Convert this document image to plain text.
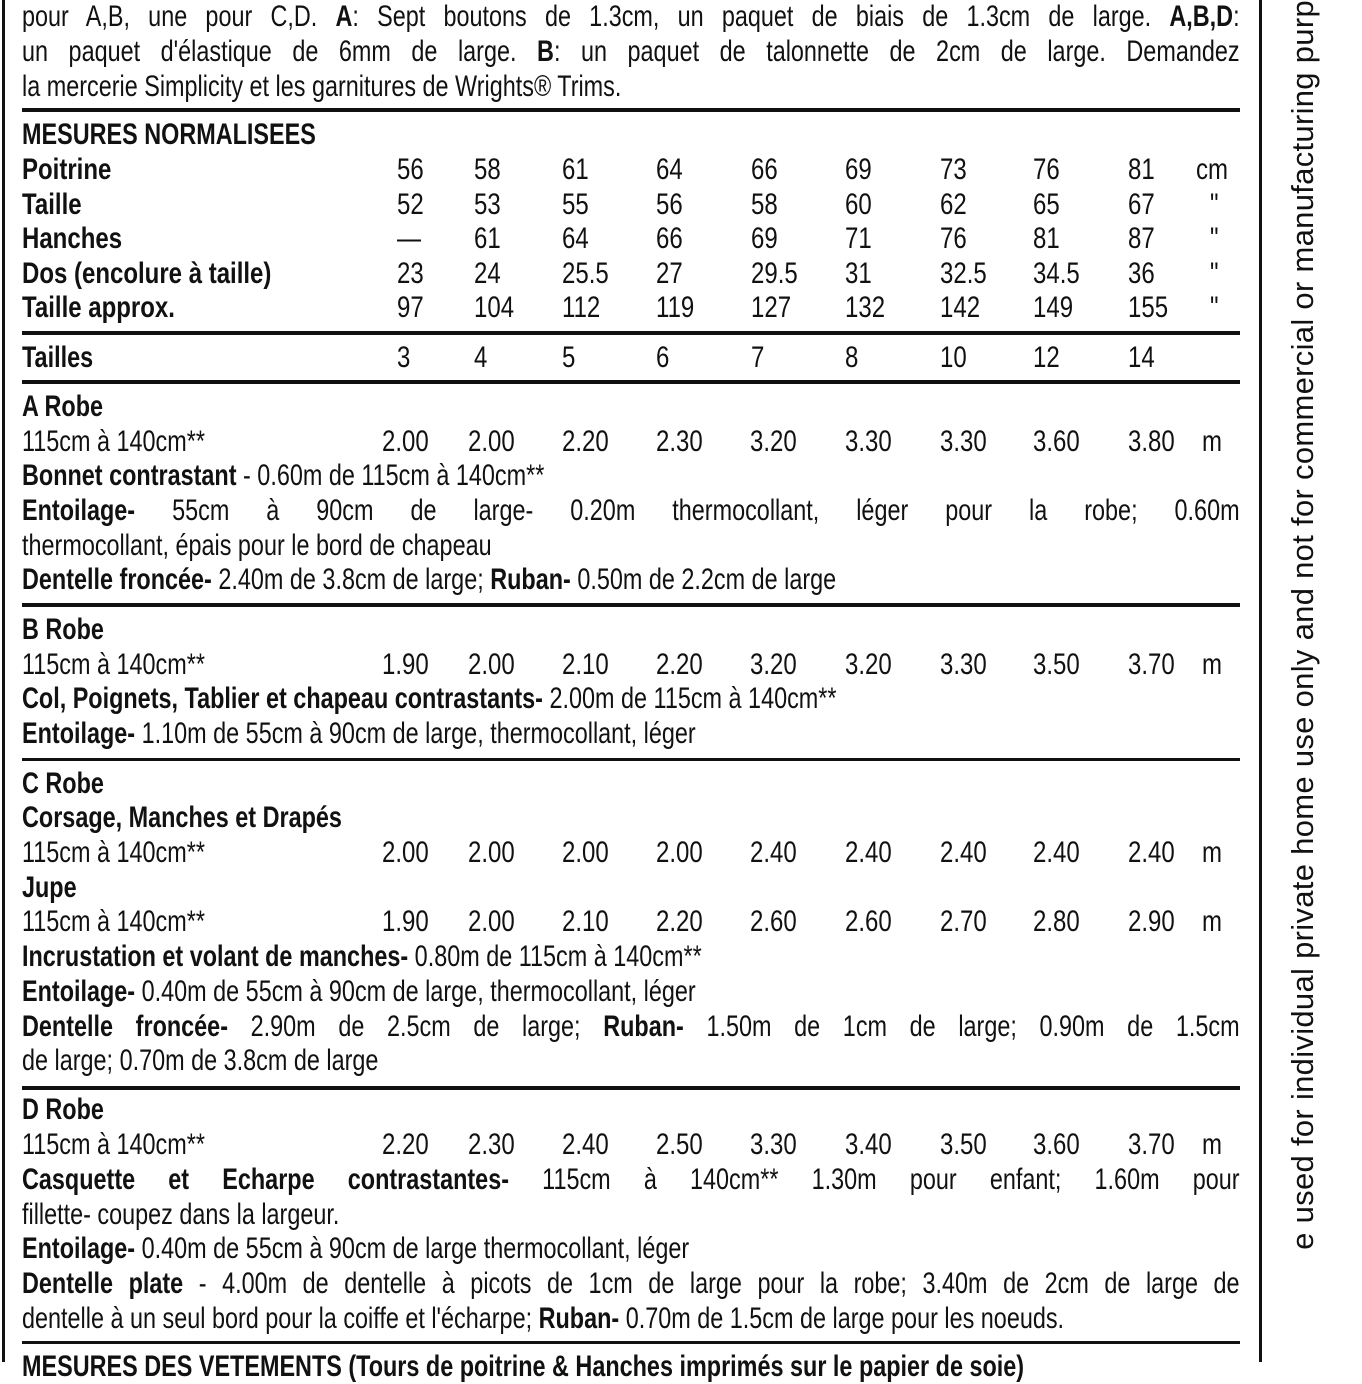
pour A,B, une pour C,D. A: Sept boutons de 1.3cm, un paquet de biais de 1.3cm de large. A,B,D:
un paquet d'élastique de 6mm de large. B: un paquet de talonnette de 2cm de large. Demandez
la mercerie Simplicity et les garnitures de Wrights® Trims.
MESURES NORMALISEES
Poitrine	56 58 61 64 66 69 73 76 81 cm
Taille	52 53 55 56 58 60 62 65 67 "
Hanches	— 61 64 66 69 71 76 81 87 "
Dos (encolure à taille)	23 24 25.5 27 29.5 31 32.5 34.5 36 "
Taille approx.	97 104 112 119 127 132 142 149 155 "
Tailles	3 4 5	6	7	8	10 12 14
A Robe
115cm à 140cm**	2.00 2.00 2.20 2.30 3.20 3.30 3.30 3.60 3.80 m
Bonnet contrastant - 0.60m de 115cm à 140cm**
Entoilage- 55cm à 90cm de large- 0.20m thermocollant, léger pour la robe; 0.60m
thermocollant, épais pour le bord de chapeau
Dentelle froncée- 2.40m de 3.8cm de large; Ruban- 0.50m de 2.2cm de large
B Robe
115cm à 140cm**	1.90 2.00 2.10 2.20 3.20 3.20 3.30 3.50 3.70 m
Col, Poignets, Tablier et chapeau contrastants- 2.00m de 115cm à 140cm**
Entoilage- 1.10m de 55cm à 90cm de large, thermocollant, léger
C Robe
Corsage, Manches et Drapés
115cm à 140cm**	2.00 2.00 2.00 2.00 2.40 2.40 2.40 2.40 2.40 m
Jupe
115cm à 140cm**	1.90 2.00 2.10 2.20 2.60 2.60 2.70 2.80 2.90 m
Incrustation et volant de manches- 0.80m de 115cm à 140cm**
Entoilage- 0.40m de 55cm à 90cm de large, thermocollant, léger
Dentelle froncée- 2.90m de 2.5cm de large; Ruban- 1.50m de 1cm de large; 0.90m de 1.5cm
de large; 0.70m de 3.8cm de large
D Robe
115cm à 140cm**	2.20 2.30 2.40 2.50 3.30 3.40 3.50 3.60 3.70 m
Casquette et Echarpe contrastantes- 115cm à 140cm** 1.30m pour enfant; 1.60m pour
fillette- coupez dans la largeur.
Entoilage- 0.40m de 55cm à 90cm de large thermocollant, léger
Dentelle plate - 4.00m de dentelle à picots de 1cm de large pour la robe; 3.40m de 2cm de large de
dentelle à un seul bord pour la coiffe et l'écharpe; Ruban- 0.70m de 1.5cm de large pour les noeuds.
MESURES DES VETEMENTS (Tours de poitrine & Hanches imprimés sur le papier de soie)
e used for individual private home use only and not for commercial or manufacturing purp
